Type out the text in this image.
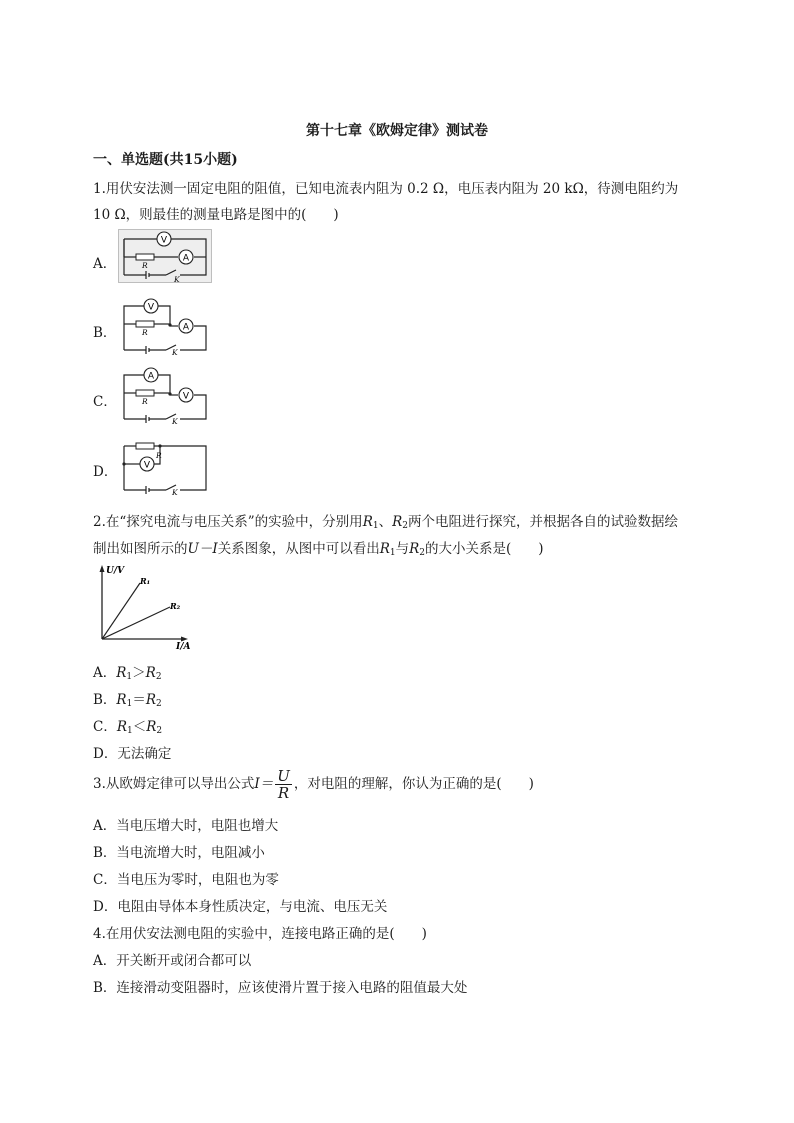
第十七章《欧姆定律》测试卷
一、单选题(共15小题)
1.用伏安法测一固定电阻的阻值，已知电流表内阻为 0.2 Ω，电压表内阻为 20 kΩ，待测电阻约为
10 Ω，则最佳的测量电路是图中的(　　)
A．
V
A
R
K
B．
V
A
R
K
C．
A
V
R
K
D．	V
R
K
2.在“探究电流与电压关系”的实验中，分别用$R_1$、$R_2$两个电阻进行探究，并根据各自的试验数据绘
制出如图所示的U－I关系图象，从图中可以看出$R_1$与$R_2$的大小关系是(　　)
U/V
I/A
R₁
R₂
A．$R_1>R_2$
B．$R_1=R_2$
C．$R_1<R_2$
D．无法确定
3.从欧姆定律可以导出公式$I= \frac{U}{R}$ ，对电阻的理解，你认为正确的是(　　)
A．当电压增大时，电阻也增大
B．当电流增大时，电阻减小
C．当电压为零时，电阻也为零
D．电阻由导体本身性质决定，与电流、电压无关
4.在用伏安法测电阻的实验中，连接电路正确的是(　　)
A．开关断开或闭合都可以
B．连接滑动变阻器时，应该使滑片置于接入电路的阻值最大处
